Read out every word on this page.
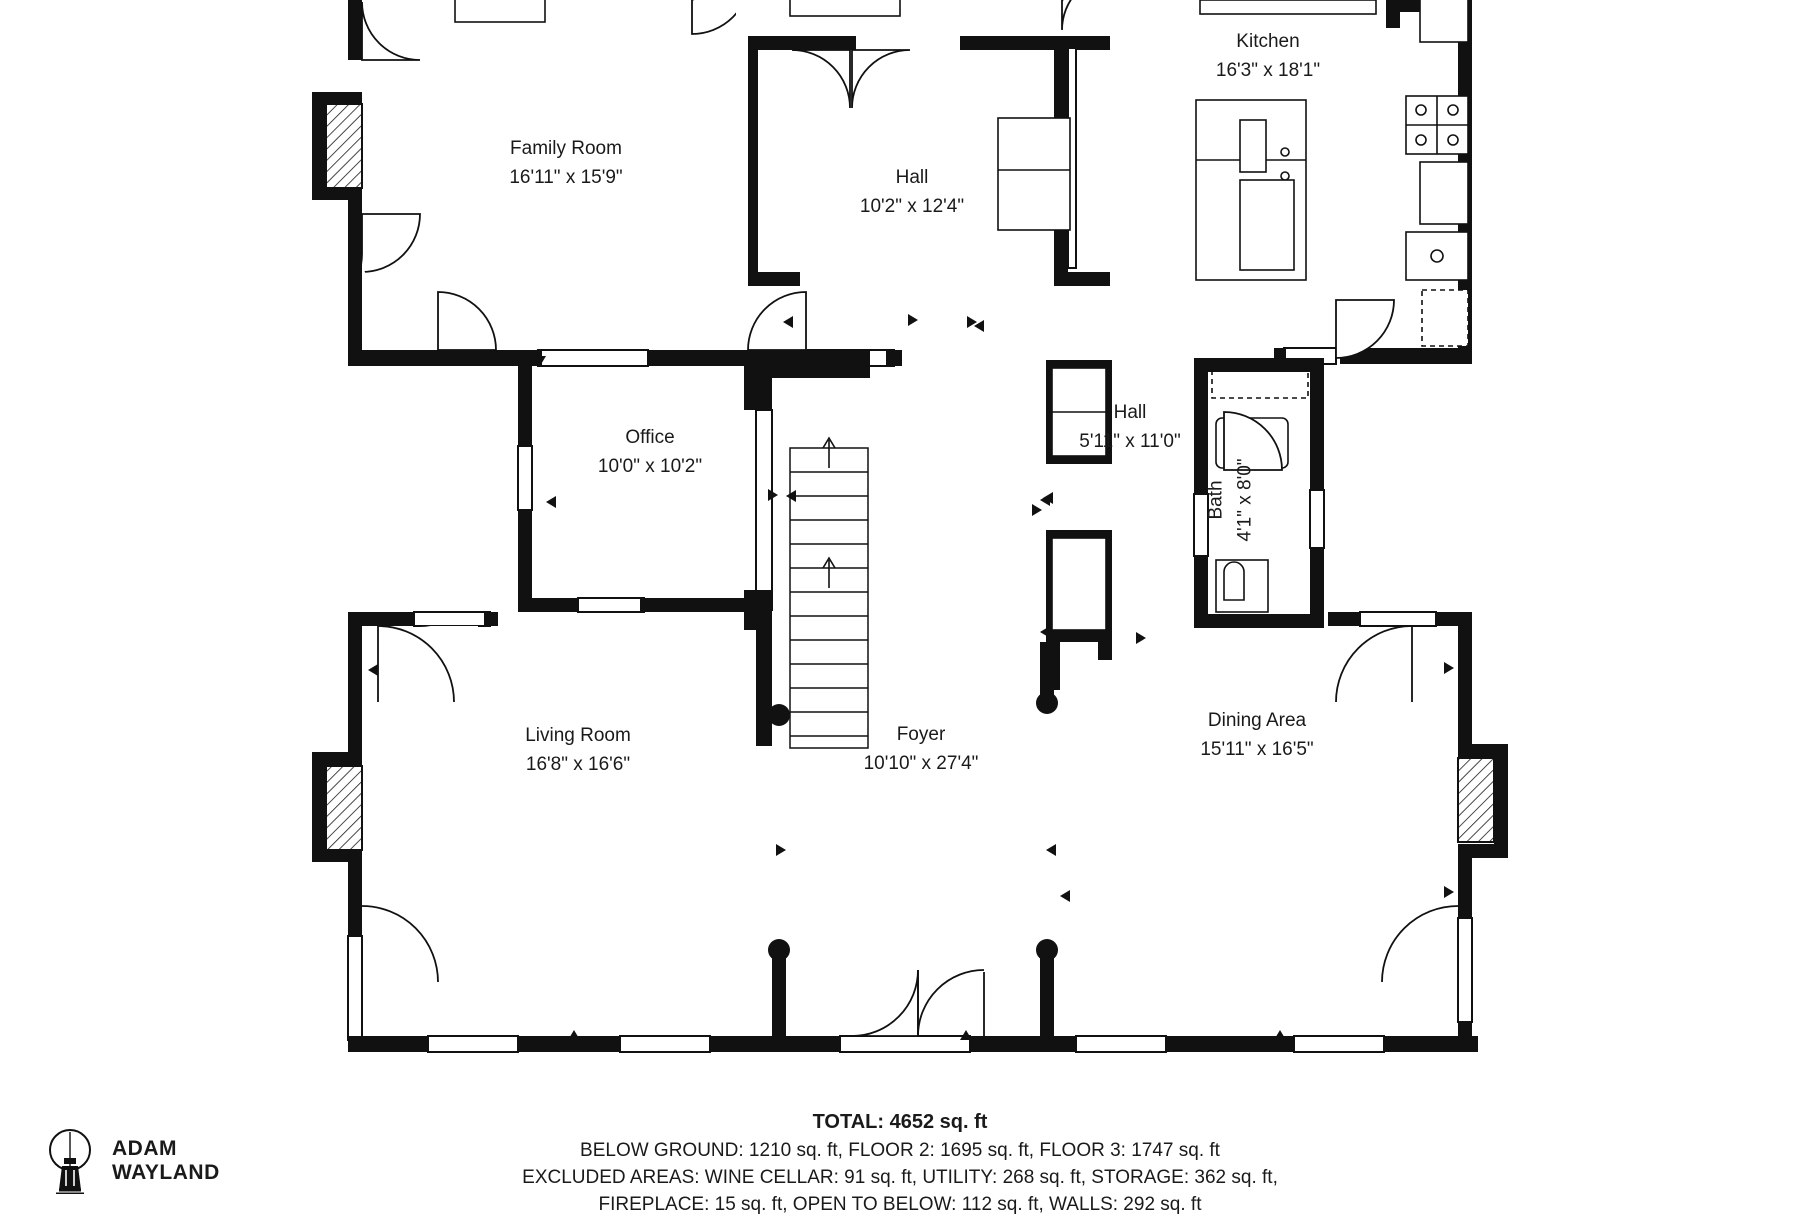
Kitchen
16'3" x 18'1"
Family Room
16'11" x 15'9"	Hall
10'2" x 12'4"
Office
10'0" x 10'2"
Hall
5'11" x 11'0"
Bath 4'1" x 8'0"
Living Room
16'8" x 16'6"
Foyer
10'10" x 27'4"
Dining Area
15'11" x 16'5"
TOTAL: 4652 sq. ft
BELOW GROUND: 1210 sq. ft, FLOOR 2: 1695 sq. ft, FLOOR 3: 1747 sq. ft
EXCLUDED AREAS: WINE CELLAR: 91 sq. ft, UTILITY: 268 sq. ft, STORAGE: 362 sq. ft,
FIREPLACE: 15 sq. ft, OPEN TO BELOW: 112 sq. ft, WALLS: 292 sq. ft
ADAM
WAYLAND
